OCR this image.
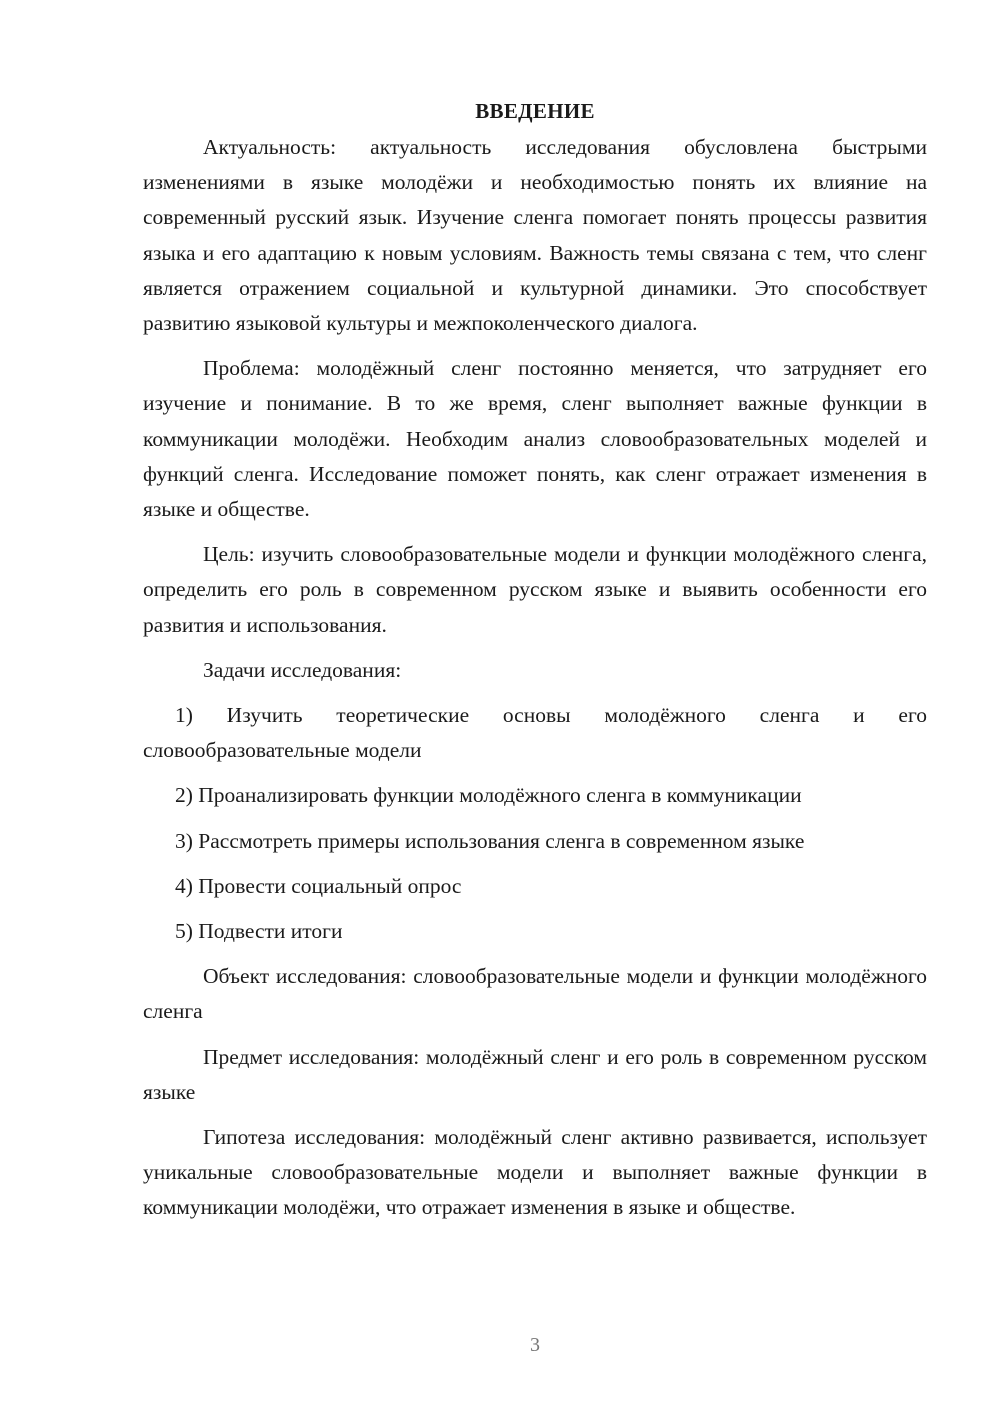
ВВЕДЕНИЕ

Актуальность: актуальность исследования обусловлена быстрыми изменениями в языке молодёжи и необходимостью понять их влияние на современный русский язык. Изучение сленга помогает понять процессы развития языка и его адаптацию к новым условиям. Важность темы связана с тем, что сленг является отражением социальной и культурной динамики. Это способствует развитию языковой культуры и межпоколенческого диалога.

Проблема: молодёжный сленг постоянно меняется, что затрудняет его изучение и понимание. В то же время, сленг выполняет важные функции в коммуникации молодёжи. Необходим анализ словообразовательных моделей и функций сленга. Исследование поможет понять, как сленг отражает изменения в языке и обществе.

Цель: изучить словообразовательные модели и функции молодёжного сленга, определить его роль в современном русском языке и выявить особенности его развития и использования.

Задачи исследования:

1) Изучить теоретические основы молодёжного сленга и его словообразовательные модели

2) Проанализировать функции молодёжного сленга в коммуникации

3) Рассмотреть примеры использования сленга в современном языке

4) Провести социальный опрос

5) Подвести итоги

Объект исследования: словообразовательные модели и функции молодёжного сленга

Предмет исследования: молодёжный сленг и его роль в современном русском языке

Гипотеза исследования: молодёжный сленг активно развивается, использует уникальные словообразовательные модели и выполняет важные функции в коммуникации молодёжи, что отражает изменения в языке и обществе.

3
